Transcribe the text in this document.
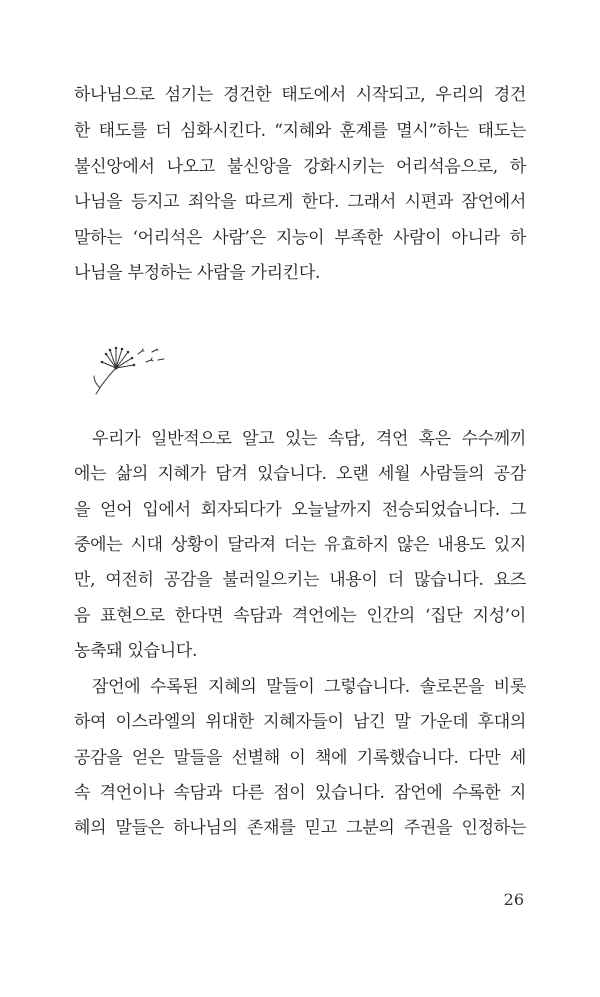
하나님으로 섬기는 경건한 태도에서 시작되고, 우리의 경건
한 태도를 더 심화시킨다. “지혜와 훈계를 멸시”하는 태도는
불신앙에서 나오고 불신앙을 강화시키는 어리석음으로, 하
나님을 등지고 죄악을 따르게 한다. 그래서 시편과 잠언에서
말하는 ‘어리석은 사람’은 지능이 부족한 사람이 아니라 하
나님을 부정하는 사람을 가리킨다.
우리가 일반적으로 알고 있는 속담, 격언 혹은 수수께끼
에는 삶의 지혜가 담겨 있습니다. 오랜 세월 사람들의 공감
을 얻어 입에서 회자되다가 오늘날까지 전승되었습니다. 그
중에는 시대 상황이 달라져 더는 유효하지 않은 내용도 있지
만, 여전히 공감을 불러일으키는 내용이 더 많습니다. 요즈
음 표현으로 한다면 속담과 격언에는 인간의 ‘집단 지성’이
농축돼 있습니다.
잠언에 수록된 지혜의 말들이 그렇습니다. 솔로몬을 비롯
하여 이스라엘의 위대한 지혜자들이 남긴 말 가운데 후대의
공감을 얻은 말들을 선별해 이 책에 기록했습니다. 다만 세
속 격언이나 속담과 다른 점이 있습니다. 잠언에 수록한 지
혜의 말들은 하나님의 존재를 믿고 그분의 주권을 인정하는
26
